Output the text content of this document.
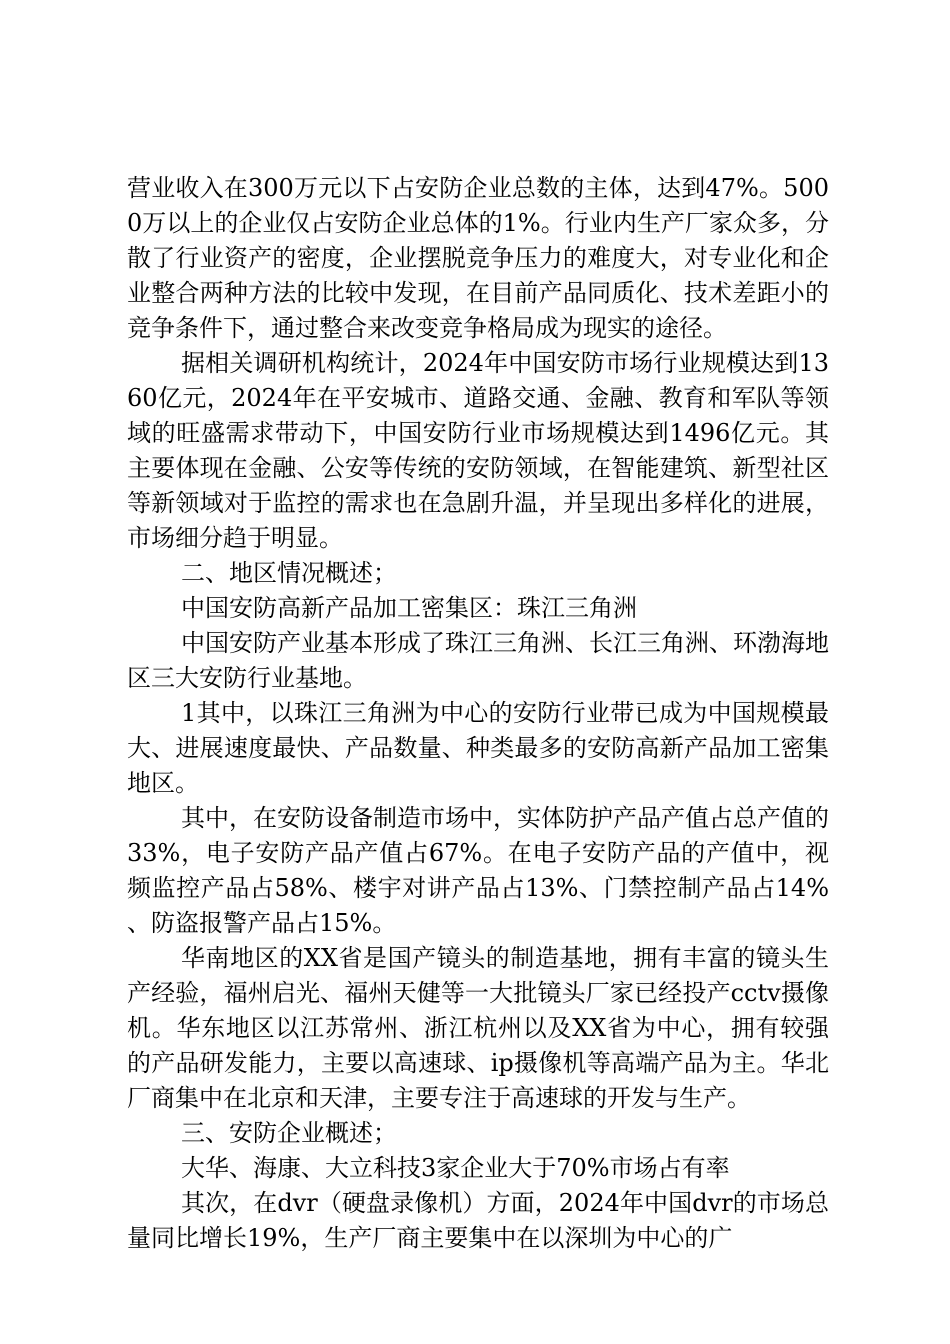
营业收入在300万元以下占安防企业总数的主体，达到47%。5000万以上的企业仅占安防企业总体的1%。行业内生产厂家众多，分散了行业资产的密度，企业摆脱竞争压力的难度大，对专业化和企业整合两种方法的比较中发现，在目前产品同质化、技术差距小的竞争条件下，通过整合来改变竞争格局成为现实的途径。

据相关调研机构统计，2024年中国安防市场行业规模达到1360亿元，2024年在平安城市、道路交通、金融、教育和军队等领域的旺盛需求带动下，中国安防行业市场规模达到1496亿元。其主要体现在金融、公安等传统的安防领域，在智能建筑、新型社区等新领域对于监控的需求也在急剧升温，并呈现出多样化的进展，市场细分趋于明显。

二、地区情况概述；

中国安防高新产品加工密集区：珠江三角洲

中国安防产业基本形成了珠江三角洲、长江三角洲、环渤海地区三大安防行业基地。

1其中，以珠江三角洲为中心的安防行业带已成为中国规模最大、进展速度最快、产品数量、种类最多的安防高新产品加工密集地区。

其中，在安防设备制造市场中，实体防护产品产值占总产值的33%，电子安防产品产值占67%。在电子安防产品的产值中，视频监控产品占58%、楼宇对讲产品占13%、门禁控制产品占14%、防盗报警产品占15%。

华南地区的XX省是国产镜头的制造基地，拥有丰富的镜头生产经验，福州启光、福州天健等一大批镜头厂家已经投产cctv摄像机。华东地区以江苏常州、浙江杭州以及XX省为中心，拥有较强的产品研发能力，主要以高速球、ip摄像机等高端产品为主。华北厂商集中在北京和天津，主要专注于高速球的开发与生产。

三、安防企业概述；

大华、海康、大立科技3家企业大于70%市场占有率

其次，在dvr（硬盘录像机）方面，2024年中国dvr的市场总量同比增长19%，生产厂商主要集中在以深圳为中心的广
